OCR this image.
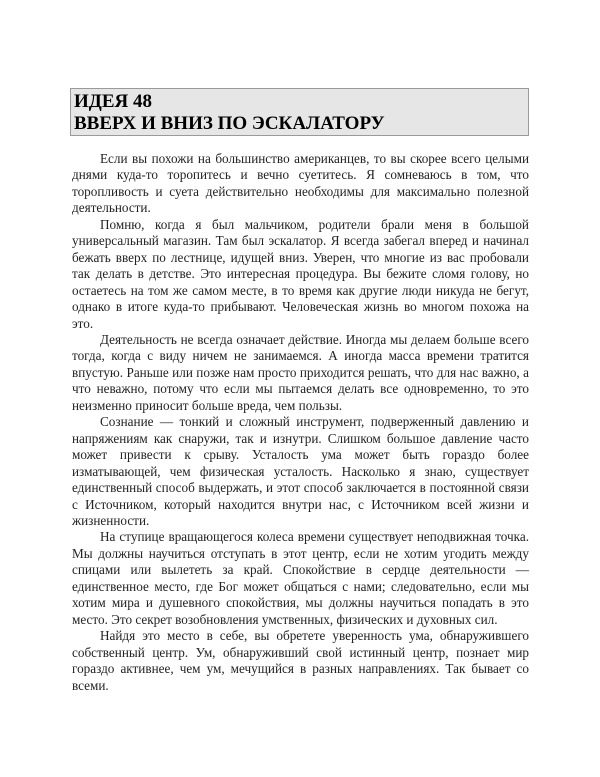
ИДЕЯ 48
ВВЕРХ И ВНИЗ ПО ЭСКАЛАТОРУ

Если вы похожи на большинство американцев, то вы скорее всего целыми днями куда-то торопитесь и вечно суетитесь. Я сомневаюсь в том, что торопливость и суета действительно необходимы для максимально полезной деятельности.

Помню, когда я был мальчиком, родители брали меня в большой универсальный магазин. Там был эскалатор. Я всегда забегал вперед и начинал бежать вверх по лестнице, идущей вниз. Уверен, что многие из вас пробовали так делать в детстве. Это интересная процедура. Вы бежите сломя голову, но остаетесь на том же самом месте, в то время как другие люди никуда не бегут, однако в итоге куда-то прибывают. Человеческая жизнь во многом похожа на это.

Деятельность не всегда означает действие. Иногда мы делаем больше всего тогда, когда с виду ничем не занимаемся. А иногда масса времени тратится впустую. Раньше или позже нам просто приходится решать, что для нас важно, а что неважно, потому что если мы пытаемся делать все одновременно, то это неизменно приносит больше вреда, чем пользы.

Сознание — тонкий и сложный инструмент, подверженный давлению и напряжениям как снаружи, так и изнутри. Слишком большое давление часто может привести к срыву. Усталость ума может быть гораздо более изматывающей, чем физическая усталость. Насколько я знаю, существует единственный способ выдержать, и этот способ заключается в постоянной связи с Источником, который находится внутри нас, с Источником всей жизни и жизненности.

На ступице вращающегося колеса времени существует неподвижная точка. Мы должны научиться отступать в этот центр, если не хотим угодить между спицами или вылететь за край. Спокойствие в сердце деятельности — единственное место, где Бог может общаться с нами; следовательно, если мы хотим мира и душевного спокойствия, мы должны научиться попадать в это место. Это секрет возобновления умственных, физических и духовных сил.

Найдя это место в себе, вы обретете уверенность ума, обнаружившего собственный центр. Ум, обнаруживший свой истинный центр, познает мир гораздо активнее, чем ум, мечущийся в разных направлениях. Так бывает со всеми.
